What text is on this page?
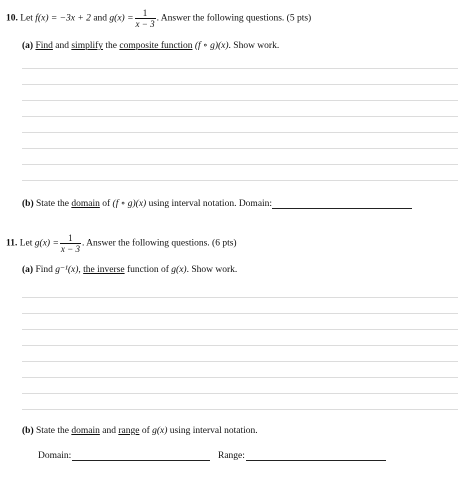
10. Let f(x) = −3x + 2 and $g(x) = \frac{1}{x - 3}$ . Answer the following questions. (5 pts)
(a) Find and simplify the composite function (f ∘ g)(x). Show work.
(b) State the domain of (f ∘ g)(x) using interval notation. Domain:
11. Let $g(x) = \frac{1}{x - 3}$ . Answer the following questions. (6 pts)
(a) Find g⁻¹(x), the inverse function of g(x). Show work.
(b) State the domain and range of g(x) using interval notation.
Domain:	Range:
